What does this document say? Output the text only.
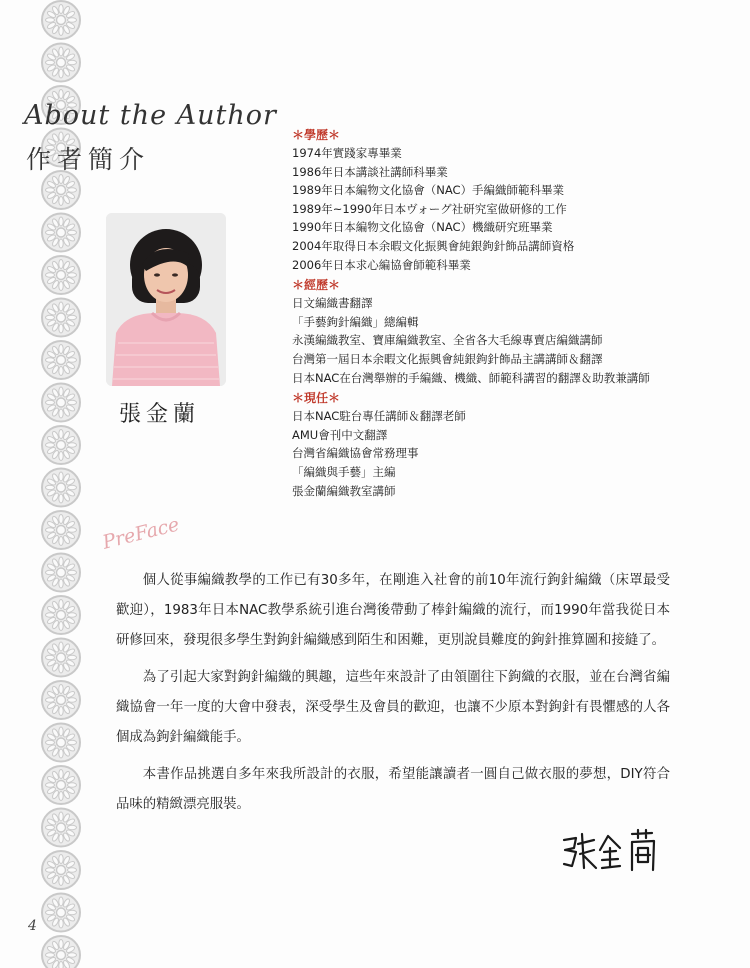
About the Author
作者簡介
張金蘭
＊學歷＊
1974年實踐家專畢業
1986年日本講談社講師科畢業
1989年日本編物文化協會（NAC）手編織師範科畢業
1989年~1990年日本ヴォーグ社研究室做研修的工作
1990年日本編物文化協會（NAC）機織研究班畢業
2004年取得日本余暇文化振興會純銀鉤針飾品講師資格
2006年日本求心編協會師範科畢業
＊經歷＊
日文編織書翻譯
「手藝鉤針編織」總編輯
永漢編織教室、寶庫編織教室、全省各大毛線專賣店編織講師
台灣第一屆日本余暇文化振興會純銀鉤針飾品主講講師＆翻譯
日本NAC在台灣舉辦的手編織、機織、師範科講習的翻譯＆助教兼講師
＊現任＊
日本NAC駐台專任講師＆翻譯老師
AMU會刊中文翻譯
台灣省編織協會常務理事
「編織與手藝」主編
張金蘭編織教室講師
PreFace

個人從事編織教學的工作已有30多年，在剛進入社會的前10年流行鉤針編織（床罩最受歡迎），1983年日本NAC教學系統引進台灣後帶動了棒針編織的流行，而1990年當我從日本研修回來，發現很多學生對鉤針編織感到陌生和困難，更別說員難度的鉤針推算圖和接縫了。

為了引起大家對鉤針編織的興趣，這些年來設計了由領圍往下鉤織的衣服，並在台灣省編織協會一年一度的大會中發表，深受學生及會員的歡迎，也讓不少原本對鉤針有畏懼感的人各個成為鉤針編織能手。

本書作品挑選自多年來我所設計的衣服，希望能讓讀者一圓自己做衣服的夢想，DIY符合品味的精緻漂亮服裝。

4
